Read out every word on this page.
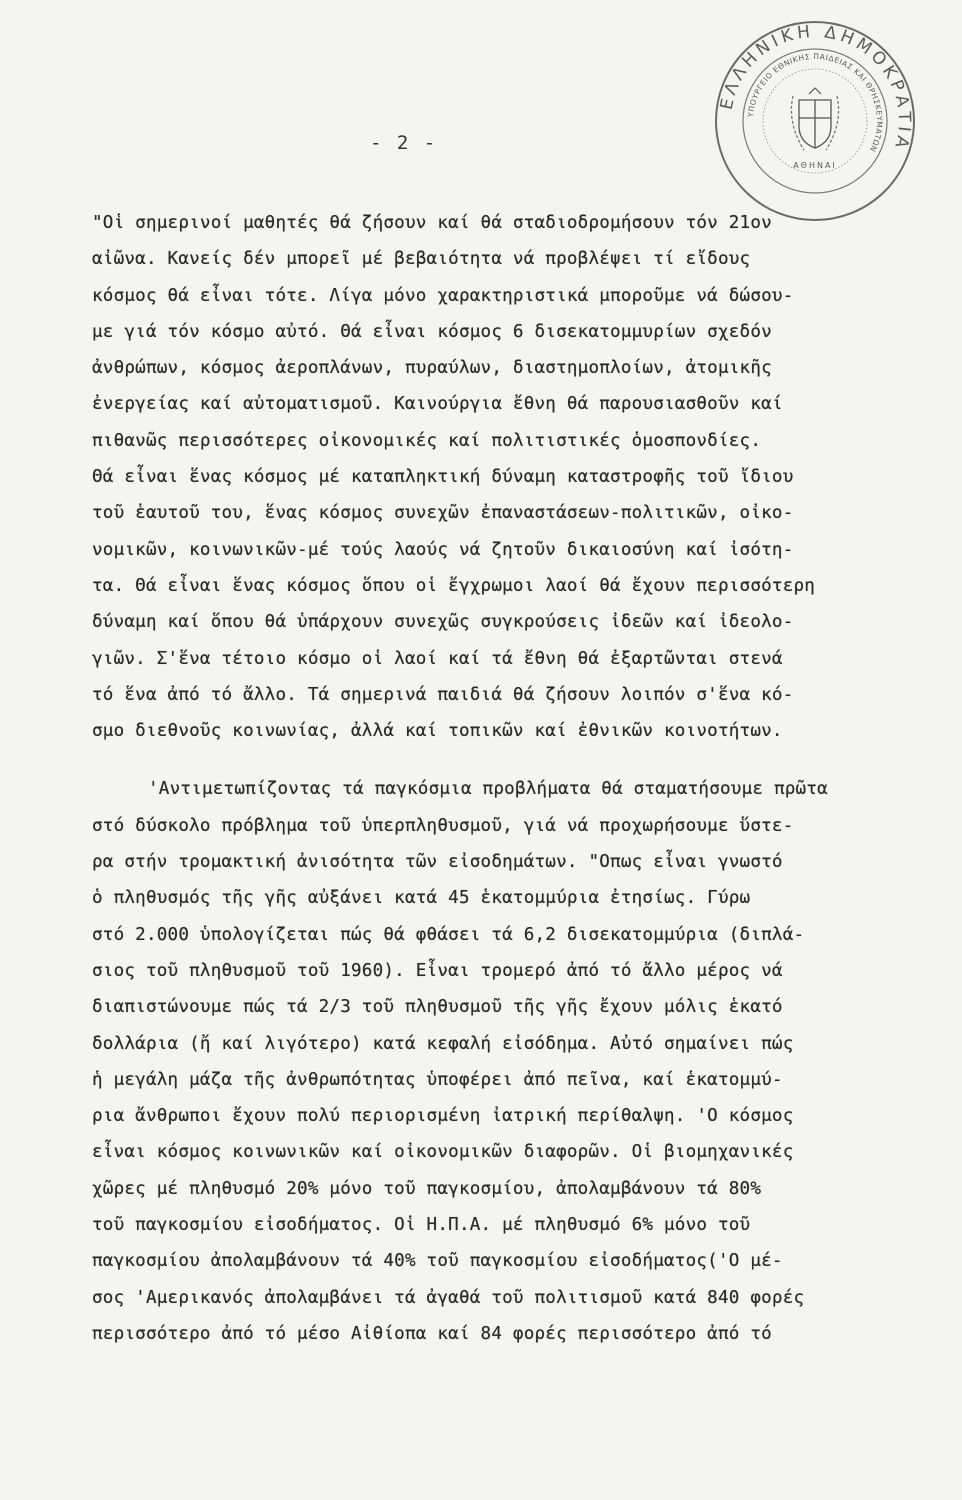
- 2 -
ΕΛΛΗΝΙΚΗ ΔΗΜΟΚΡΑΤΙΑ
ΥΠΟΥΡΓΕΙΟ ΕΘΝΙΚΗΣ ΠΑΙΔΕΙΑΣ ΚΑΙ ΘΡΗΣΚΕΥΜΑΤΩΝ
ΑΘΗΝΑΙ
"Οἱ σημερινοί μαθητές θά ζήσουν καί θά σταδιοδρομήσουν τόν 21ον
αἰῶνα. Κανείς δέν μπορεῖ μέ βεβαιότητα νά προβλέψει τί εἴδους
κόσμος θά εἶναι τότε. Λίγα μόνο χαρακτηριστικά μποροῦμε νά δώσου-
με γιά τόν κόσμο αὐτό. Θά εἶναι κόσμος 6 δισεκατομμυρίων σχεδόν
ἀνθρώπων, κόσμος ἀεροπλάνων, πυραύλων, διαστημοπλοίων, ἀτομικῆς
ἐνεργείας καί αὐτοματισμοῦ. Καινούργια ἔθνη θά παρουσιασθοῦν καί
πιθανῶς περισσότερες οἰκονομικές καί πολιτιστικές ὁμοσπονδίες.
Θά εἶναι ἕνας κόσμος μέ καταπληκτική δύναμη καταστροφῆς τοῦ ἴδιου
τοῦ ἑαυτοῦ του, ἕνας κόσμος συνεχῶν ἐπαναστάσεων-πολιτικῶν, οἰκο-
νομικῶν, κοινωνικῶν-μέ τούς λαούς νά ζητοῦν δικαιοσύνη καί ἰσότη-
τα. Θά εἶναι ἕνας κόσμος ὅπου οἱ ἔγχρωμοι λαοί θά ἔχουν περισσότερη
δύναμη καί ὅπου θά ὑπάρχουν συνεχῶς συγκρούσεις ἰδεῶν καί ἰδεολο-
γιῶν. Σ'ἕνα τέτοιο κόσμο οἱ λαοί καί τά ἔθνη θά ἐξαρτῶνται στενά
τό ἕνα ἀπό τό ἄλλο. Τά σημερινά παιδιά θά ζήσουν λοιπόν σ'ἕνα κό-
σμο διεθνοῦς κοινωνίας, ἀλλά καί τοπικῶν καί ἐθνικῶν κοινοτήτων.
'Αντιμετωπίζοντας τά παγκόσμια προβλήματα θά σταματήσουμε πρῶτα
στό δύσκολο πρόβλημα τοῦ ὑπερπληθυσμοῦ, γιά νά προχωρήσουμε ὕστε-
ρα στήν τρομακτική ἀνισότητα τῶν εἰσοδημάτων. "Οπως εἶναι γνωστό
ὁ πληθυσμός τῆς γῆς αὐξάνει κατά 45 ἑκατομμύρια ἐτησίως. Γύρω
στό 2.000 ὑπολογίζεται πώς θά φθάσει τά 6,2 δισεκατομμύρια (διπλά-
σιος τοῦ πληθυσμοῦ τοῦ 1960). Εἶναι τρομερό ἀπό τό ἄλλο μέρος νά
διαπιστώνουμε πώς τά 2/3 τοῦ πληθυσμοῦ τῆς γῆς ἔχουν μόλις ἑκατό
δολλάρια (ἤ καί λιγότερο) κατά κεφαλή εἰσόδημα. Αὐτό σημαίνει πώς
ἡ μεγάλη μάζα τῆς ἀνθρωπότητας ὑποφέρει ἀπό πεῖνα, καί ἑκατομμύ-
ρια ἄνθρωποι ἔχουν πολύ περιορισμένη ἰατρική περίθαλψη. 'Ο κόσμος
εἶναι κόσμος κοινωνικῶν καί οἰκονομικῶν διαφορῶν. Οἱ βιομηχανικές
χῶρες μέ πληθυσμό 20% μόνο τοῦ παγκοσμίου, ἀπολαμβάνουν τά 80%
τοῦ παγκοσμίου εἰσοδήματος. Οἱ Η.Π.Α. μέ πληθυσμό 6% μόνο τοῦ
παγκοσμίου ἀπολαμβάνουν τά 40% τοῦ παγκοσμίου εἰσοδήματος('Ο μέ-
σος 'Αμερικανός ἀπολαμβάνει τά ἀγαθά τοῦ πολιτισμοῦ κατά 840 φορές
περισσότερο ἀπό τό μέσο Αἰθίοπα καί 84 φορές περισσότερο ἀπό τό
